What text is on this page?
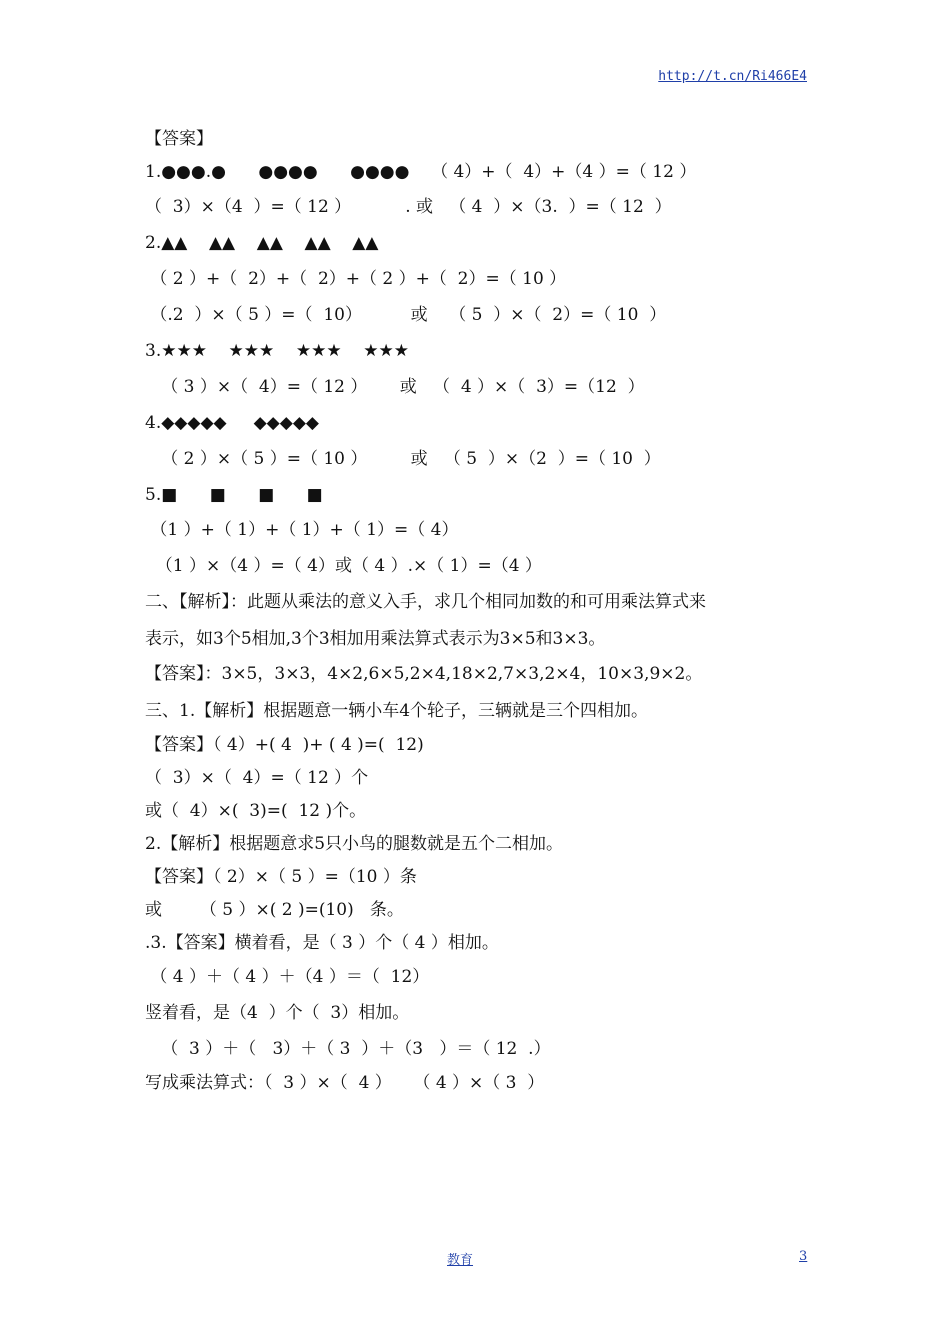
http://t.cn/Ri466E4
【答案】
1.●●●.●      ●●●●      ●●●●    （ 4）+（  4）+（4 ）=（ 12 ）
（  3）×（4  ）=（ 12 ）          . 或   （ 4  ）×（3.  ）=（ 12  ）
2.▲▲    ▲▲    ▲▲    ▲▲    ▲▲
（ 2 ）+（  2）+（  2）+（ 2 ）+（  2）=（ 10 ）
（.2  ）×（ 5 ）=（  10）         或    （ 5  ）×（  2）=（ 10  ）
3.★★★    ★★★    ★★★    ★★★
（ 3 ）×（  4）=（ 12 ）      或   （  4 ）×（  3）=（12  ）
4.◆◆◆◆◆     ◆◆◆◆◆
（ 2 ）×（ 5 ）=（ 10 ）        或   （ 5  ）×（2  ）=（ 10  ）
5.■      ■      ■      ■
（1 ）+（ 1）+（ 1）+（ 1）=（ 4）
（1 ）×（4 ）=（ 4）或（ 4 ）.×（ 1）=（4 ）
二、【解析】：此题从乘法的意义入手，求几个相同加数的和可用乘法算式来
表示，如3个5相加,3个3相加用乘法算式表示为3×5和3×3。
【答案】：3×5，3×3，4×2,6×5,2×4,18×2,7×3,2×4，10×3,9×2。
三、1.【解析】根据题意一辆小车4个轮子，三辆就是三个四相加。
【答案】（ 4）+( 4  )+ ( 4 )=(  12)
（  3）×（  4）=（ 12 ）个
或（  4）×(  3)=(  12 )个。
2.【解析】根据题意求5只小鸟的腿数就是五个二相加。
【答案】（ 2）×（ 5 ）=（10 ）条
或       （ 5 ）×( 2 )=(10)   条。
.3.【答案】横着看，是（ 3 ）个（ 4 ）相加。
（ 4 ）＋（ 4 ）＋（4 ）＝（  12）
竖着看，是（4  ）个（  3）相加。
（  3 ）＋（   3）＋（ 3  ）＋（3   ）＝（ 12  .）
写成乘法算式：（  3 ）×（  4 ）    （ 4 ）×（ 3  ）
教育	3
